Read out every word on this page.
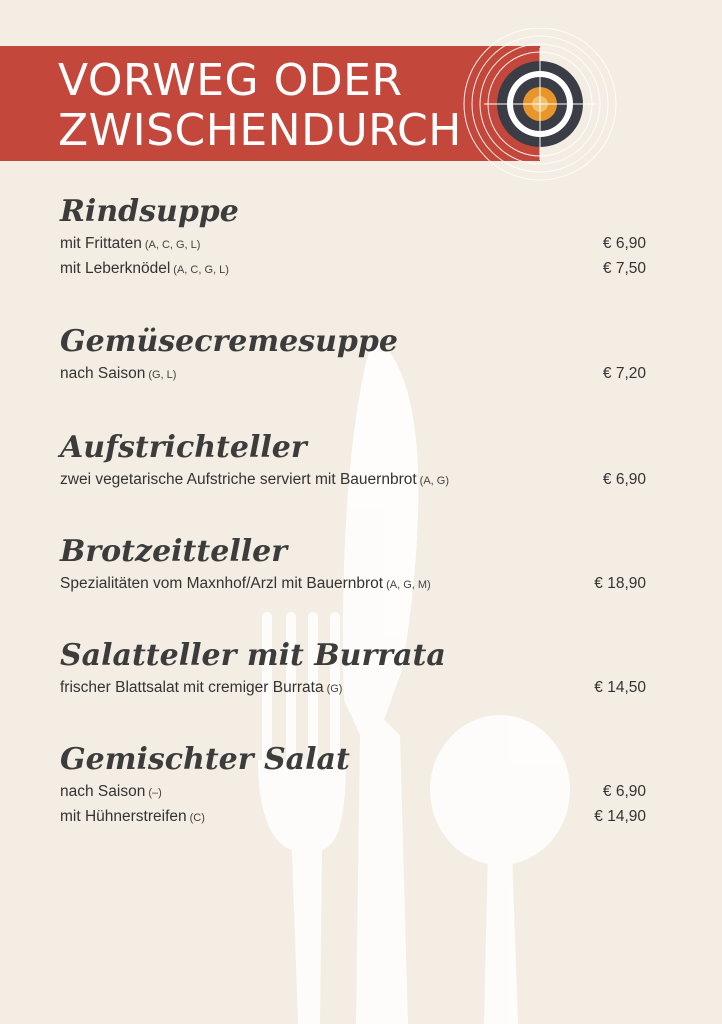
VORWEG ODER
ZWISCHENDURCH
Rindsuppe
mit Frittaten (A, C, G, L)	€ 6,90
mit Leberknödel (A, C, G, L)	€ 7,50
Gemüsecremesuppe
nach Saison (G, L)	€ 7,20
Aufstrichteller
zwei vegetarische Aufstriche serviert mit Bauernbrot (A, G)	€ 6,90
Brotzeitteller
Spezialitäten vom Maxnhof/Arzl mit Bauernbrot (A, G, M)	€ 18,90
Salatteller mit Burrata
frischer Blattsalat mit cremiger Burrata (G)	€ 14,50
Gemischter Salat
nach Saison (–)	€ 6,90
mit Hühnerstreifen (C)	€ 14,90
